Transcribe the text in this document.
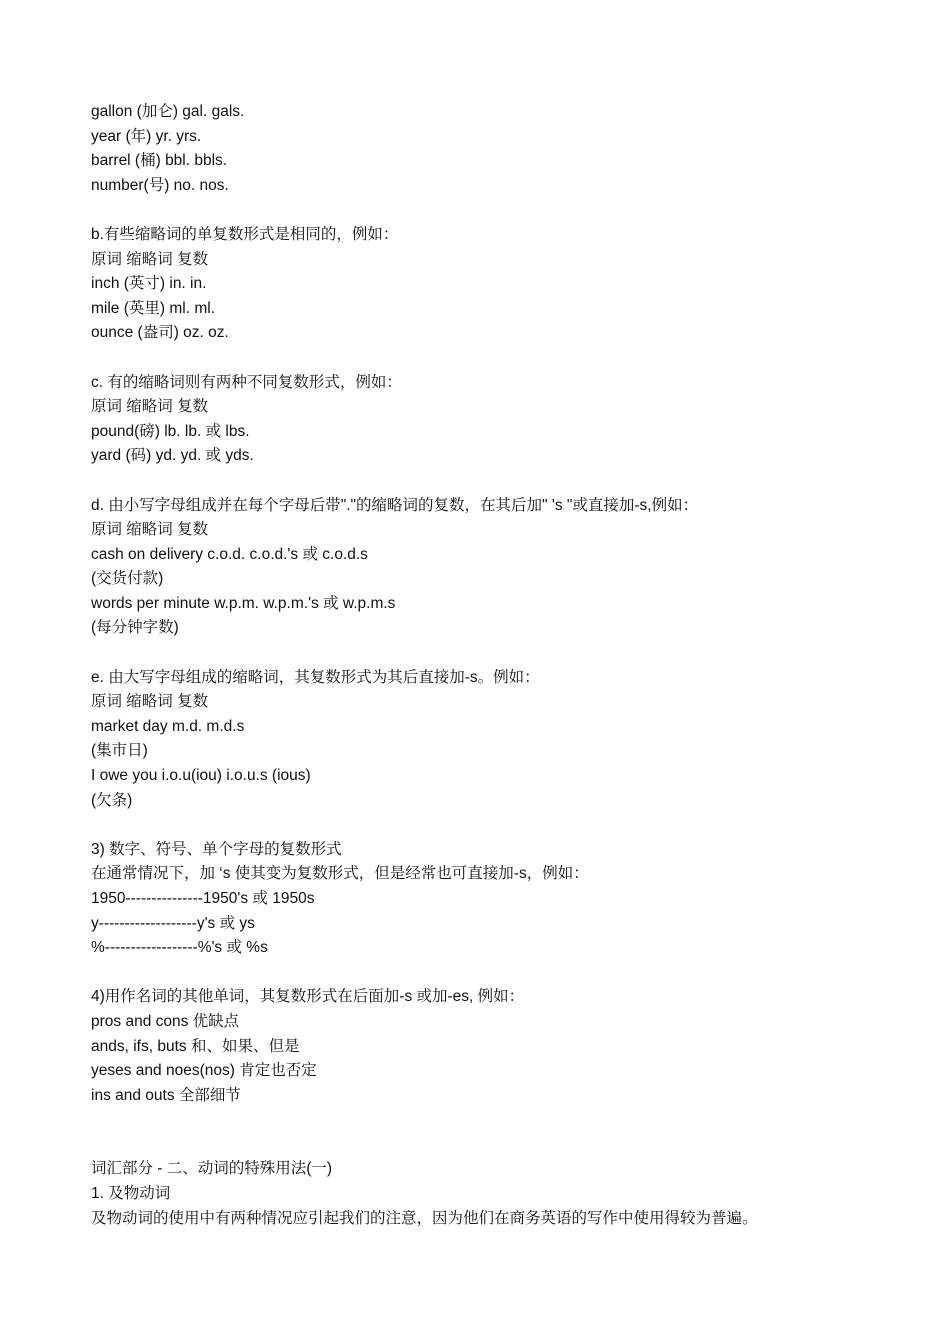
gallon (加仑) gal. gals.
year (年) yr. yrs.
barrel (桶) bbl. bbls.
number(号) no. nos.
b.有些缩略词的单复数形式是相同的，例如：
原词 缩略词 复数
inch (英寸) in. in.
mile (英里) ml. ml.
ounce (盎司) oz. oz.
c. 有的缩略词则有两种不同复数形式，例如：
原词 缩略词 复数
pound(磅) lb. lb. 或 lbs.
yard (码) yd. yd. 或 yds.
d. 由小写字母组成并在每个字母后带"."的缩略词的复数，在其后加" 's "或直接加-s,例如：
原词 缩略词 复数
cash on delivery c.o.d. c.o.d.'s 或 c.o.d.s
(交货付款)
words per minute w.p.m. w.p.m.'s 或 w.p.m.s
(每分钟字数)
e. 由大写字母组成的缩略词，其复数形式为其后直接加-s。例如：
原词 缩略词 复数
market day m.d. m.d.s
(集市日)
I owe you i.o.u(iou) i.o.u.s (ious)
(欠条)
3) 数字、符号、单个字母的复数形式
在通常情况下，加 ‘s 使其变为复数形式，但是经常也可直接加-s，例如：
1950---------------1950's 或 1950s
y-------------------y's 或 ys
%------------------%'s 或 %s
4)用作名词的其他单词，其复数形式在后面加-s 或加-es, 例如：
pros and cons 优缺点
ands, ifs, buts 和、如果、但是
yeses and noes(nos) 肯定也否定
ins and outs 全部细节
词汇部分 - 二、动词的特殊用法(一)
1. 及物动词
及物动词的使用中有两种情况应引起我们的注意，因为他们在商务英语的写作中使用得较为普遍。
